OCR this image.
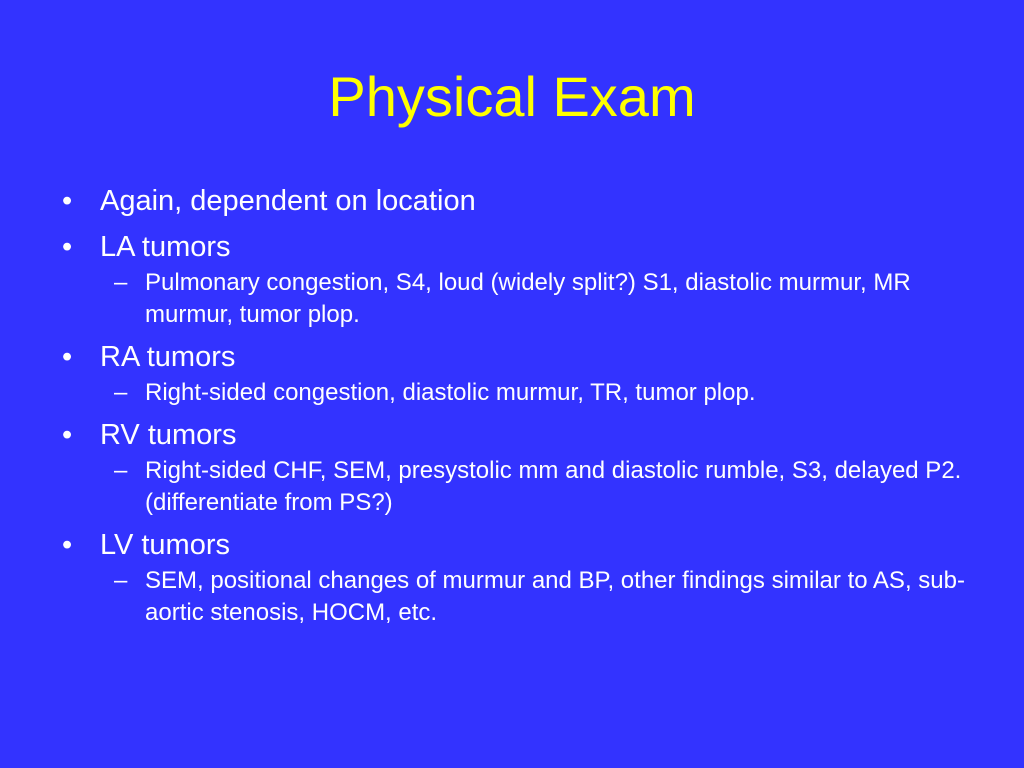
Physical Exam
• Again, dependent on location
• LA tumors
– Pulmonary congestion, S4, loud (widely split?) S1, diastolic murmur, MR murmur, tumor plop.
• RA tumors
– Right-sided congestion, diastolic murmur, TR, tumor plop.
• RV tumors
– Right-sided CHF, SEM, presystolic mm and diastolic rumble, S3, delayed P2. (differentiate from PS?)
• LV tumors
– SEM, positional changes of murmur and BP, other findings similar to AS, sub-aortic stenosis, HOCM, etc.
